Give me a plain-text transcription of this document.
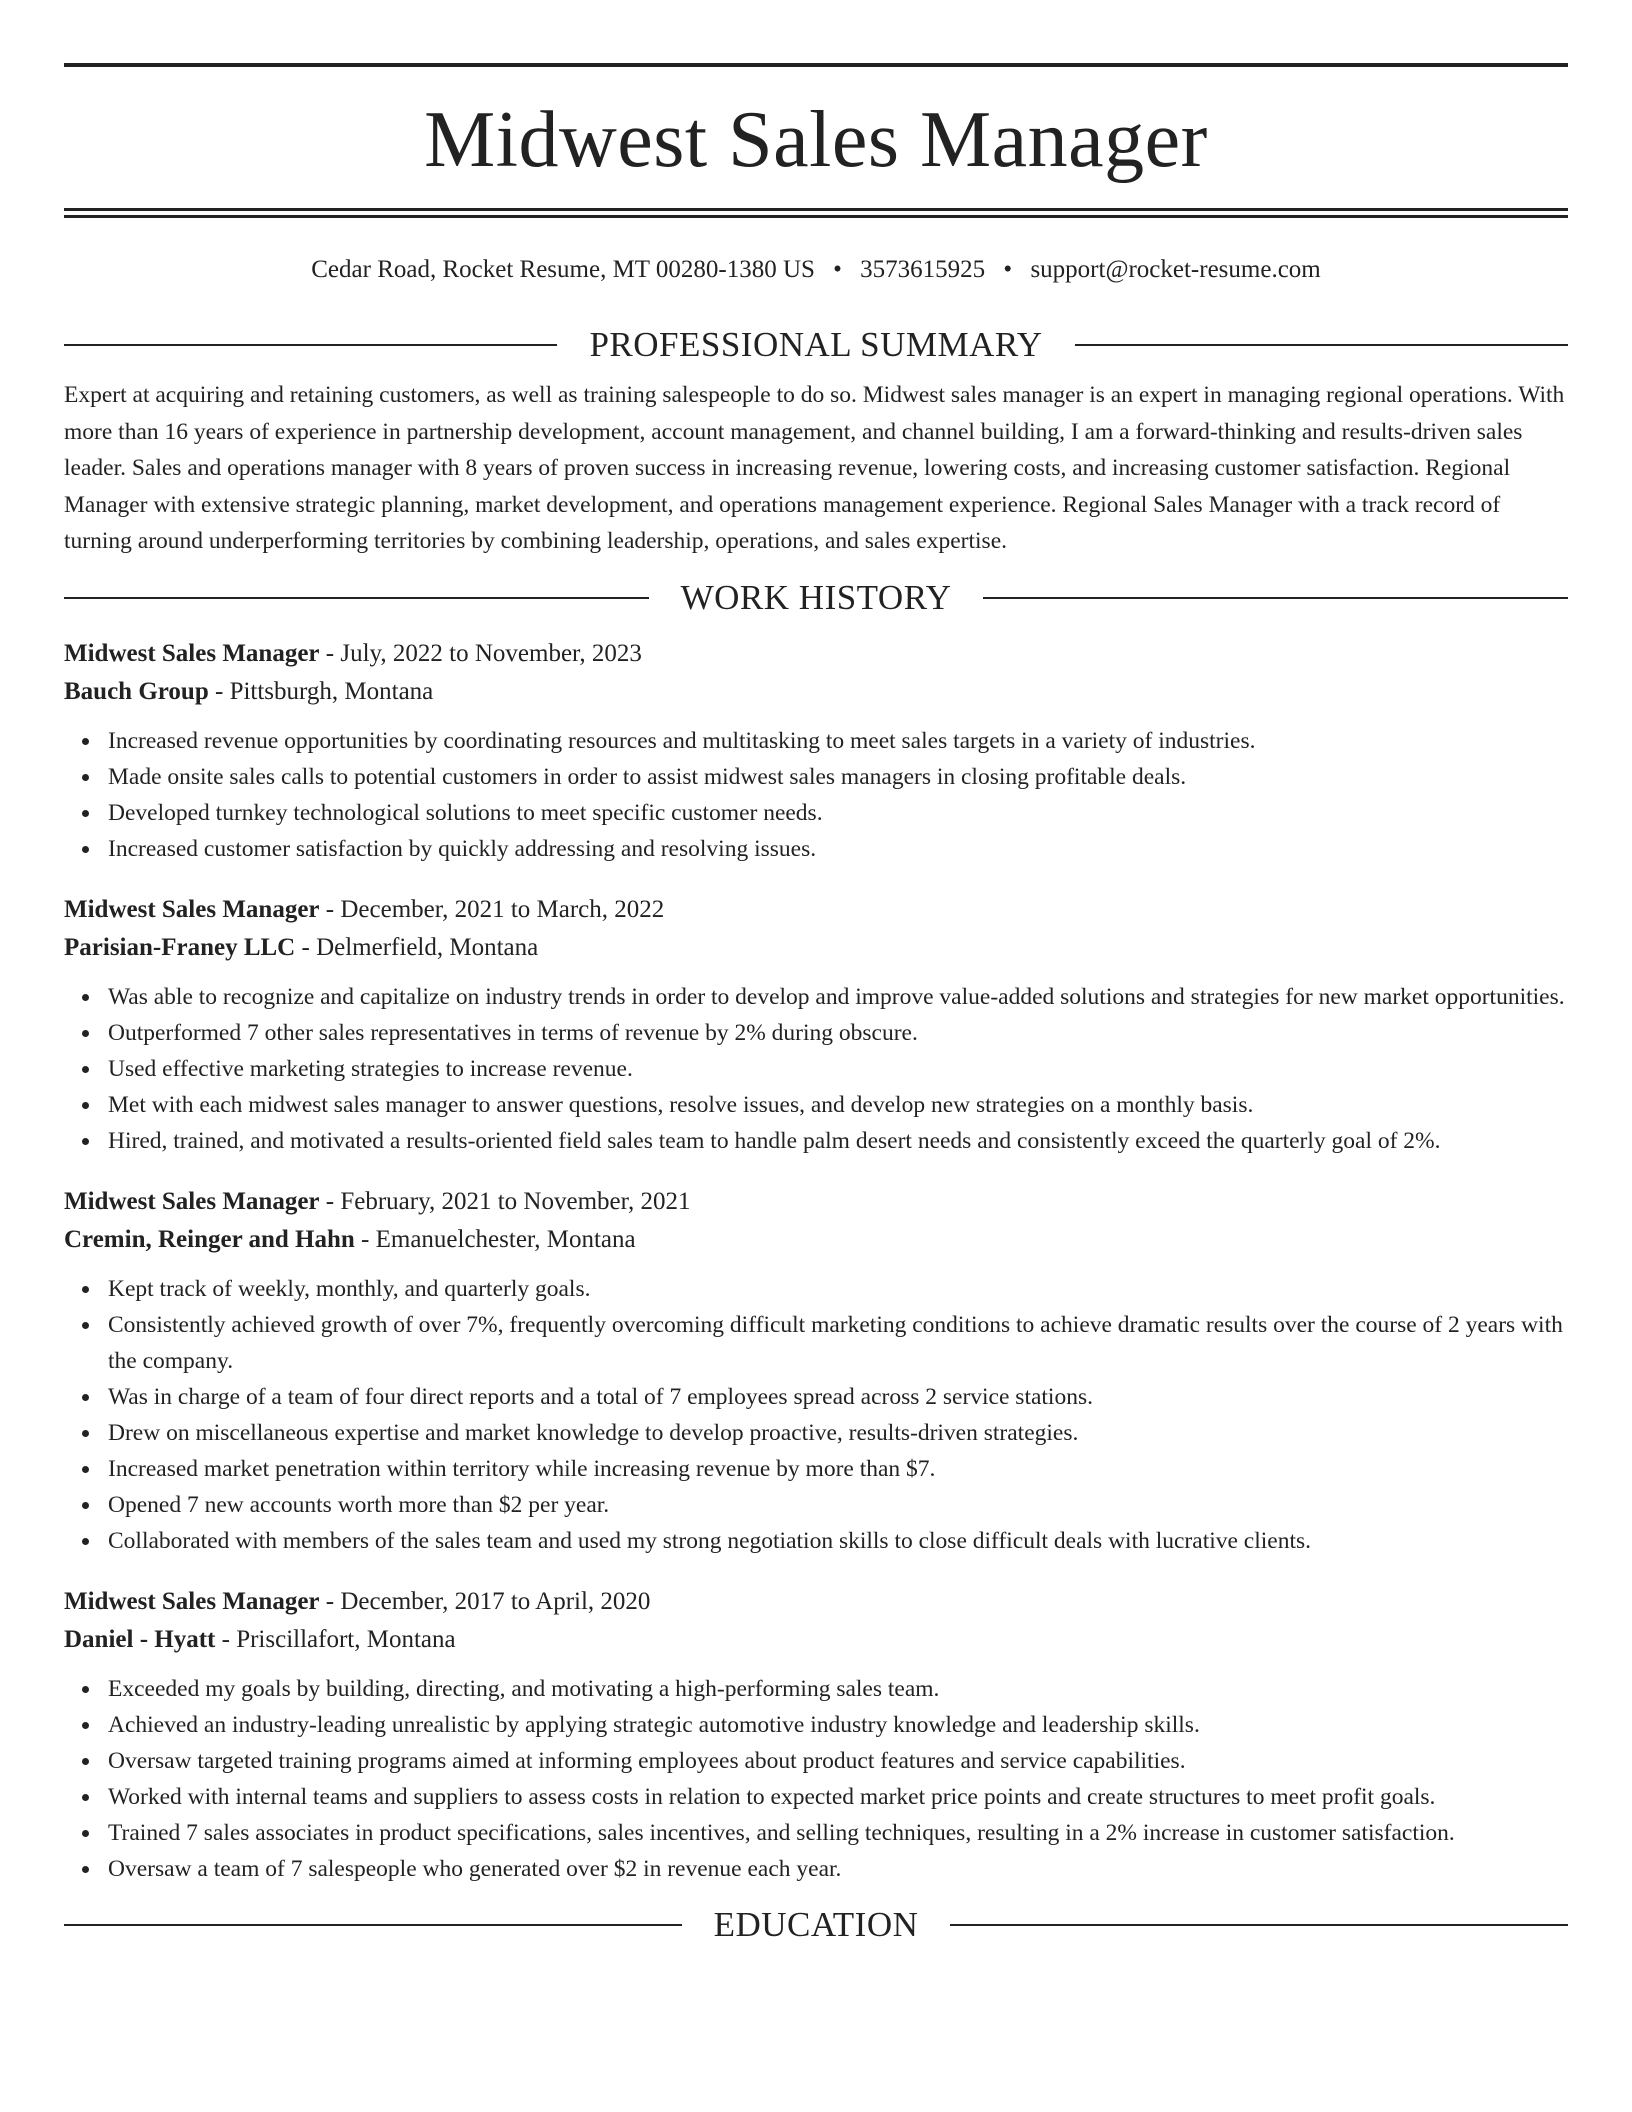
Midwest Sales Manager
Cedar Road, Rocket Resume, MT 00280-1380 US • 3573615925 • support@rocket-resume.com
PROFESSIONAL SUMMARY

Expert at acquiring and retaining customers, as well as training salespeople to do so. Midwest sales manager is an expert in managing regional operations. With more than 16 years of experience in partnership development, account management, and channel building, I am a forward-thinking and results-driven sales leader. Sales and operations manager with 8 years of proven success in increasing revenue, lowering costs, and increasing customer satisfaction. Regional Manager with extensive strategic planning, market development, and operations management experience. Regional Sales Manager with a track record of turning around underperforming territories by combining leadership, operations, and sales expertise.

WORK HISTORY
Midwest Sales Manager - July, 2022 to November, 2023
Bauch Group - Pittsburgh, Montana
Increased revenue opportunities by coordinating resources and multitasking to meet sales targets in a variety of industries.
Made onsite sales calls to potential customers in order to assist midwest sales managers in closing profitable deals.
Developed turnkey technological solutions to meet specific customer needs.
Increased customer satisfaction by quickly addressing and resolving issues.
Midwest Sales Manager - December, 2021 to March, 2022
Parisian-Franey LLC - Delmerfield, Montana
Was able to recognize and capitalize on industry trends in order to develop and improve value-added solutions and strategies for new market opportunities.
Outperformed 7 other sales representatives in terms of revenue by 2% during obscure.
Used effective marketing strategies to increase revenue.
Met with each midwest sales manager to answer questions, resolve issues, and develop new strategies on a monthly basis.
Hired, trained, and motivated a results-oriented field sales team to handle palm desert needs and consistently exceed the quarterly goal of 2%.
Midwest Sales Manager - February, 2021 to November, 2021
Cremin, Reinger and Hahn - Emanuelchester, Montana
Kept track of weekly, monthly, and quarterly goals.
Consistently achieved growth of over 7%, frequently overcoming difficult marketing conditions to achieve dramatic results over the course of 2 years with the company.
Was in charge of a team of four direct reports and a total of 7 employees spread across 2 service stations.
Drew on miscellaneous expertise and market knowledge to develop proactive, results-driven strategies.
Increased market penetration within territory while increasing revenue by more than $7.
Opened 7 new accounts worth more than $2 per year.
Collaborated with members of the sales team and used my strong negotiation skills to close difficult deals with lucrative clients.
Midwest Sales Manager - December, 2017 to April, 2020
Daniel - Hyatt - Priscillafort, Montana
Exceeded my goals by building, directing, and motivating a high-performing sales team.
Achieved an industry-leading unrealistic by applying strategic automotive industry knowledge and leadership skills.
Oversaw targeted training programs aimed at informing employees about product features and service capabilities.
Worked with internal teams and suppliers to assess costs in relation to expected market price points and create structures to meet profit goals.
Trained 7 sales associates in product specifications, sales incentives, and selling techniques, resulting in a 2% increase in customer satisfaction.
Oversaw a team of 7 salespeople who generated over $2 in revenue each year.
EDUCATION
